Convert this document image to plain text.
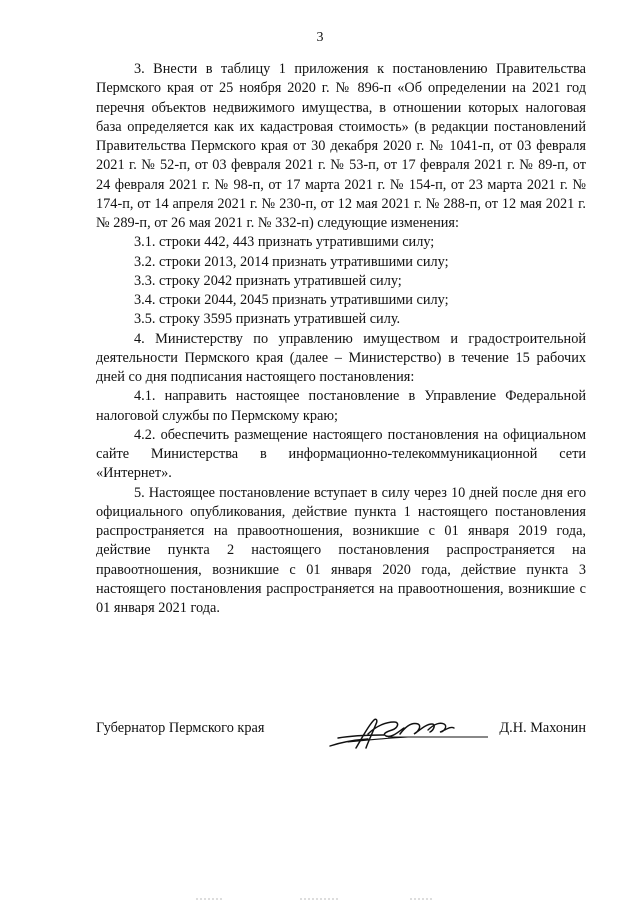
3

3. Внести в таблицу 1 приложения к постановлению Правительства Пермского края от 25 ноября 2020 г. № 896-п «Об определении на 2021 год перечня объектов недвижимого имущества, в отношении которых налоговая база определяется как их кадастровая стоимость» (в редакции постановлений Правительства Пермского края от 30 декабря 2020 г. № 1041-п, от 03 февраля 2021 г. № 52-п, от 03 февраля 2021 г. № 53-п, от 17 февраля 2021 г. № 89-п, от 24 февраля 2021 г. № 98-п, от 17 марта 2021 г. № 154-п, от 23 марта 2021 г. № 174-п, от 14 апреля 2021 г. № 230-п, от 12 мая 2021 г. № 288-п, от 12 мая 2021 г. № 289-п, от 26 мая 2021 г. № 332-п) следующие изменения:

3.1. строки 442, 443 признать утратившими силу;

3.2. строки 2013, 2014 признать утратившими силу;

3.3. строку 2042 признать утратившей силу;

3.4. строки 2044, 2045 признать утратившими силу;

3.5. строку 3595 признать утратившей силу.

4. Министерству по управлению имуществом и градостроительной деятельности Пермского края (далее – Министерство) в течение 15 рабочих дней со дня подписания настоящего постановления:

4.1. направить настоящее постановление в Управление Федеральной налоговой службы по Пермскому краю;

4.2. обеспечить размещение настоящего постановления на официальном сайте Министерства в информационно-телекоммуникационной сети «Интернет».

5. Настоящее постановление вступает в силу через 10 дней после дня его официального опубликования, действие пункта 1 настоящего постановления распространяется на правоотношения, возникшие с 01 января 2019 года, действие пункта 2 настоящего постановления распространяется на правоотношения, возникшие с 01 января 2020 года, действие пункта 3 настоящего постановления распространяется на правоотношения, возникшие с 01 января 2021 года.

Губернатор Пермского края	Д.Н. Махонин
